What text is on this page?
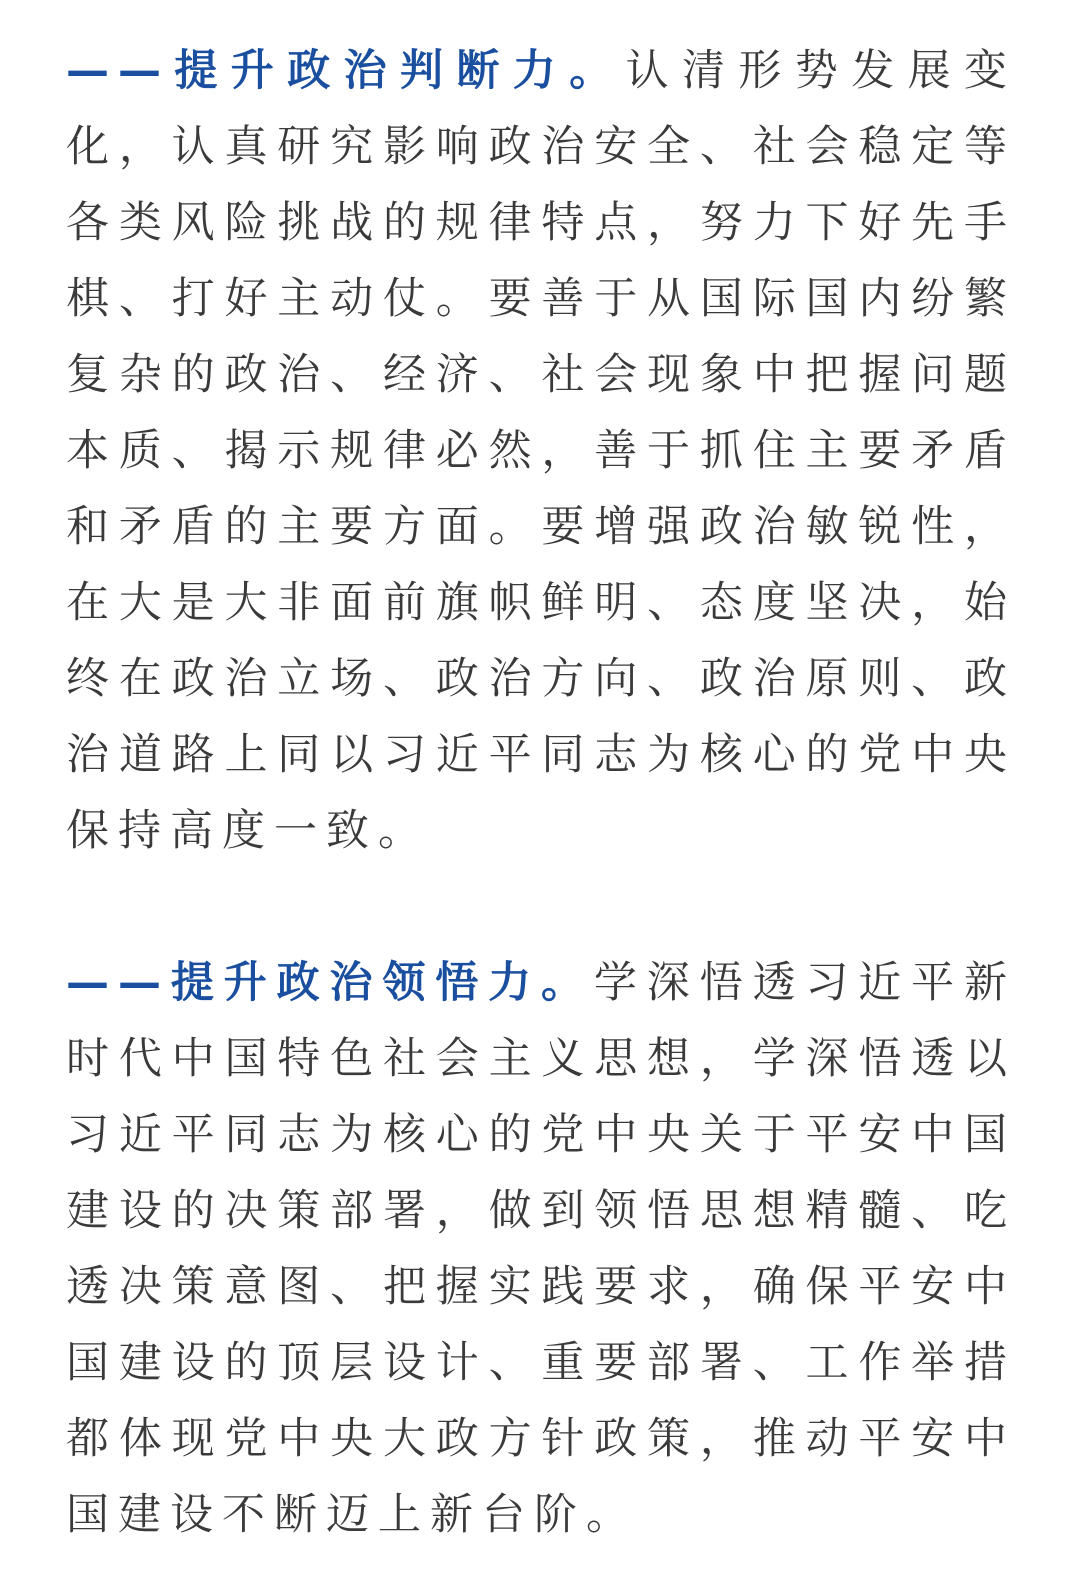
——提升政治判断力。认清形势发展变化，认真研究影响政治安全、社会稳定等各类风险挑战的规律特点，努力下好先手棋、打好主动仗。要善于从国际国内纷繁复杂的政治、经济、社会现象中把握问题本质、揭示规律必然，善于抓住主要矛盾和矛盾的主要方面。要增强政治敏锐性，在大是大非面前旗帜鲜明、态度坚决，始终在政治立场、政治方向、政治原则、政治道路上同以习近平同志为核心的党中央保持高度一致。

——提升政治领悟力。学深悟透习近平新时代中国特色社会主义思想，学深悟透以习近平同志为核心的党中央关于平安中国建设的决策部署，做到领悟思想精髓、吃透决策意图、把握实践要求，确保平安中国建设的顶层设计、重要部署、工作举措都体现党中央大政方针政策，推动平安中国建设不断迈上新台阶。
